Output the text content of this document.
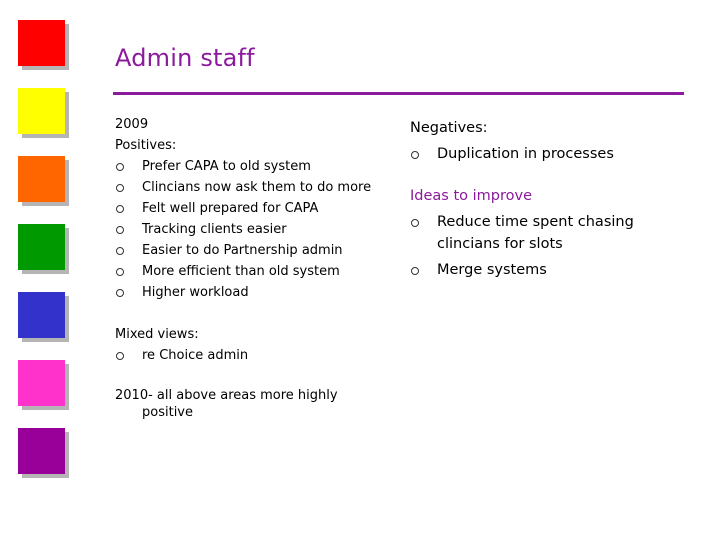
Admin staff
2009
Positives:
Prefer CAPA to old system
Clincians now ask them to do more
Felt well prepared for CAPA
Tracking clients easier
Easier to do Partnership admin
More efficient than old system
Higher workload
Mixed views:
re Choice admin
2010- all above areas more highly positive
Negatives:
Duplication in processes
Ideas to improve
Reduce time spent chasing clincians for slots
Merge systems
